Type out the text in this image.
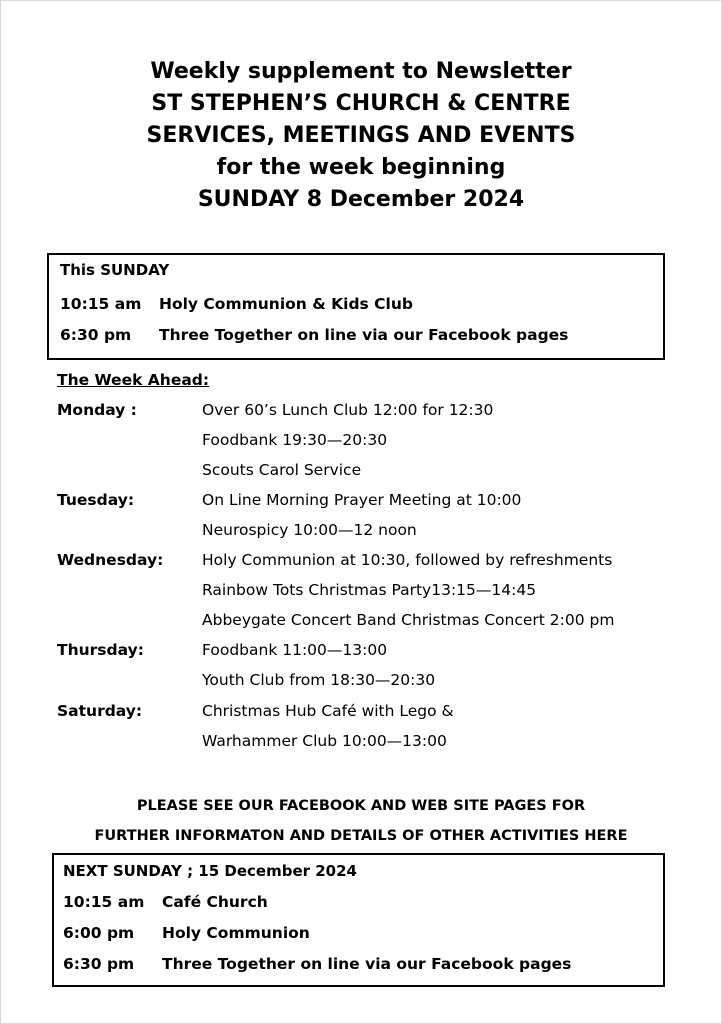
Weekly supplement to Newsletter
ST STEPHEN’S CHURCH & CENTRE
SERVICES, MEETINGS AND EVENTS
for the week beginning
SUNDAY 8 December 2024
This SUNDAY
10:15 am Holy Communion & Kids Club
6:30 pm Three Together on line via our Facebook pages
The Week Ahead:
Monday :	Over 60’s Lunch Club 12:00 for 12:30
Foodbank 19:30—20:30
Scouts Carol Service
Tuesday:	On Line Morning Prayer Meeting at 10:00
Neurospicy 10:00—12 noon
Wednesday: Holy Communion at 10:30, followed by refreshments
Rainbow Tots Christmas Party13:15—14:45
Abbeygate Concert Band Christmas Concert 2:00 pm
Thursday:	Foodbank 11:00—13:00
Youth Club from 18:30—20:30
Saturday:	Christmas Hub Café with Lego &
Warhammer Club 10:00—13:00
PLEASE SEE OUR FACEBOOK AND WEB SITE PAGES FOR
FURTHER INFORMATON AND DETAILS OF OTHER ACTIVITIES HERE
NEXT SUNDAY ; 15 December 2024
10:15 am Café Church
6:00 pm Holy Communion
6:30 pm Three Together on line via our Facebook pages
